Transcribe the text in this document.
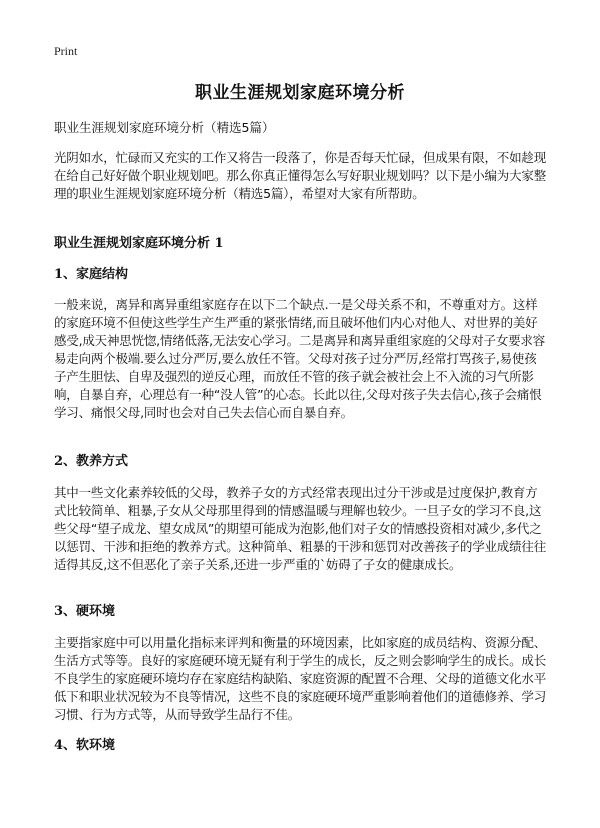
Print
职业生涯规划家庭环境分析

职业生涯规划家庭环境分析（精选5篇）

光阴如水，忙碌而又充实的工作又将告一段落了，你是否每天忙碌，但成果有限，不如趁现在给自己好好做个职业规划吧。那么你真正懂得怎么写好职业规划吗？以下是小编为大家整理的职业生涯规划家庭环境分析（精选5篇），希望对大家有所帮助。

职业生涯规划家庭环境分析 1
1、家庭结构

一般来说，离异和离异重组家庭存在以下二个缺点.一是父母关系不和，不尊重对方。这样的家庭环境不但使这些学生产生严重的紧张情绪,而且破坏他们内心对他人、对世界的美好感受,成天神思恍惚,情绪低落,无法安心学习。二是离异和离异重组家庭的父母对子女要求容易走向两个极端.要么过分严厉,要么放任不管。父母对孩子过分严厉,经常打骂孩子,易使孩子产生胆怯、自卑及强烈的逆反心理，而放任不管的孩子就会被社会上不入流的习气所影响，自暴自弃，心理总有一种“没人管”的心态。长此以往,父母对孩子失去信心,孩子会痛恨学习、痛恨父母,同时也会对自己失去信心而自暴自弃。

2、教养方式

其中一些文化素养较低的父母，教养子女的方式经常表现出过分干涉或是过度保护,教育方式比较简单、粗暴,子女从父母那里得到的情感温暖与理解也较少。一旦子女的学习不良,这些父母“望子成龙、望女成凤”的期望可能成为泡影,他们对子女的情感投资相对减少,多代之以惩罚、干涉和拒绝的教养方式。这种简单、粗暴的干涉和惩罚对改善孩子的学业成绩往往适得其反,这不但恶化了亲子关系,还进一步严重的`妨碍了子女的健康成长。

3、硬环境

主要指家庭中可以用量化指标来评判和衡量的环境因素，比如家庭的成员结构、资源分配、生活方式等等。良好的家庭硬环境无疑有利于学生的成长，反之则会影响学生的成长。成长不良学生的家庭硬环境均存在家庭结构缺陷、家庭资源的配置不合理、父母的道德文化水平低下和职业状况较为不良等情况，这些不良的家庭硬环境严重影响着他们的道德修养、学习习惯、行为方式等，从而导致学生品行不佳。

4、软环境
